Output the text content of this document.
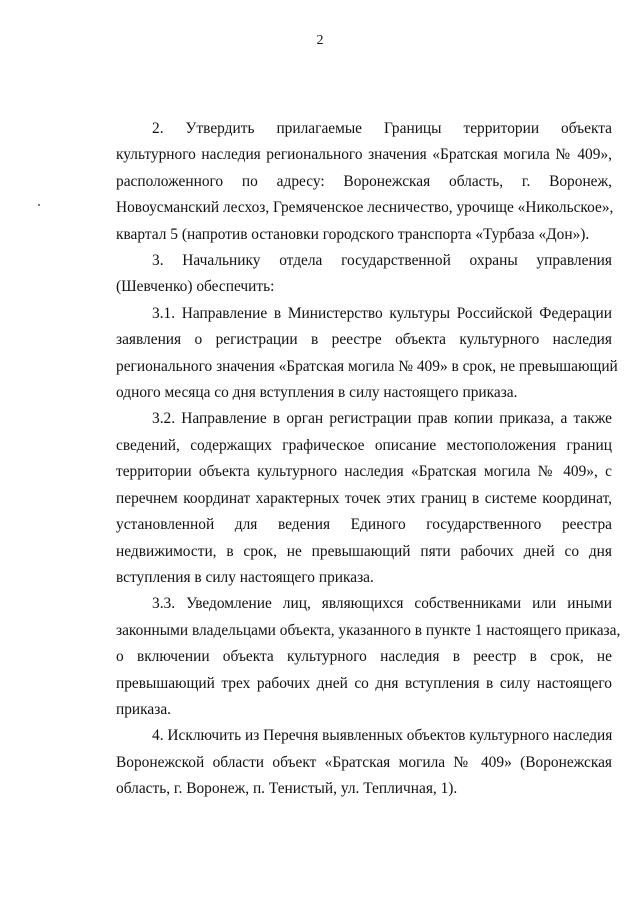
2

2. Утвердить прилагаемые Границы территории объекта
культурного наследия регионального значения «Братская могила № 409»,
расположенного по адресу: Воронежская область, г. Воронеж,
Новоусманский лесхоз, Гремяченское лесничество, урочище «Никольское»,
квартал 5 (напротив остановки городского транспорта «Турбаза «Дон»).

3. Начальнику отдела государственной охраны управления
(Шевченко) обеспечить:

3.1. Направление в Министерство культуры Российской Федерации
заявления о регистрации в реестре объекта культурного наследия
регионального значения «Братская могила № 409» в срок, не превышающий
одного месяца со дня вступления в силу настоящего приказа.

3.2. Направление в орган регистрации прав копии приказа, а также
сведений, содержащих графическое описание местоположения границ
территории объекта культурного наследия «Братская могила № 409», с
перечнем координат характерных точек этих границ в системе координат,
установленной для ведения Единого государственного реестра
недвижимости, в срок, не превышающий пяти рабочих дней со дня
вступления в силу настоящего приказа.

3.3. Уведомление лиц, являющихся собственниками или иными
законными владельцами объекта, указанного в пункте 1 настоящего приказа,
о включении объекта культурного наследия в реестр в срок, не
превышающий трех рабочих дней со дня вступления в силу настоящего
приказа.

4. Исключить из Перечня выявленных объектов культурного наследия
Воронежской области объект «Братская могила № 409» (Воронежская
область, г. Воронеж, п. Тенистый, ул. Тепличная, 1).
